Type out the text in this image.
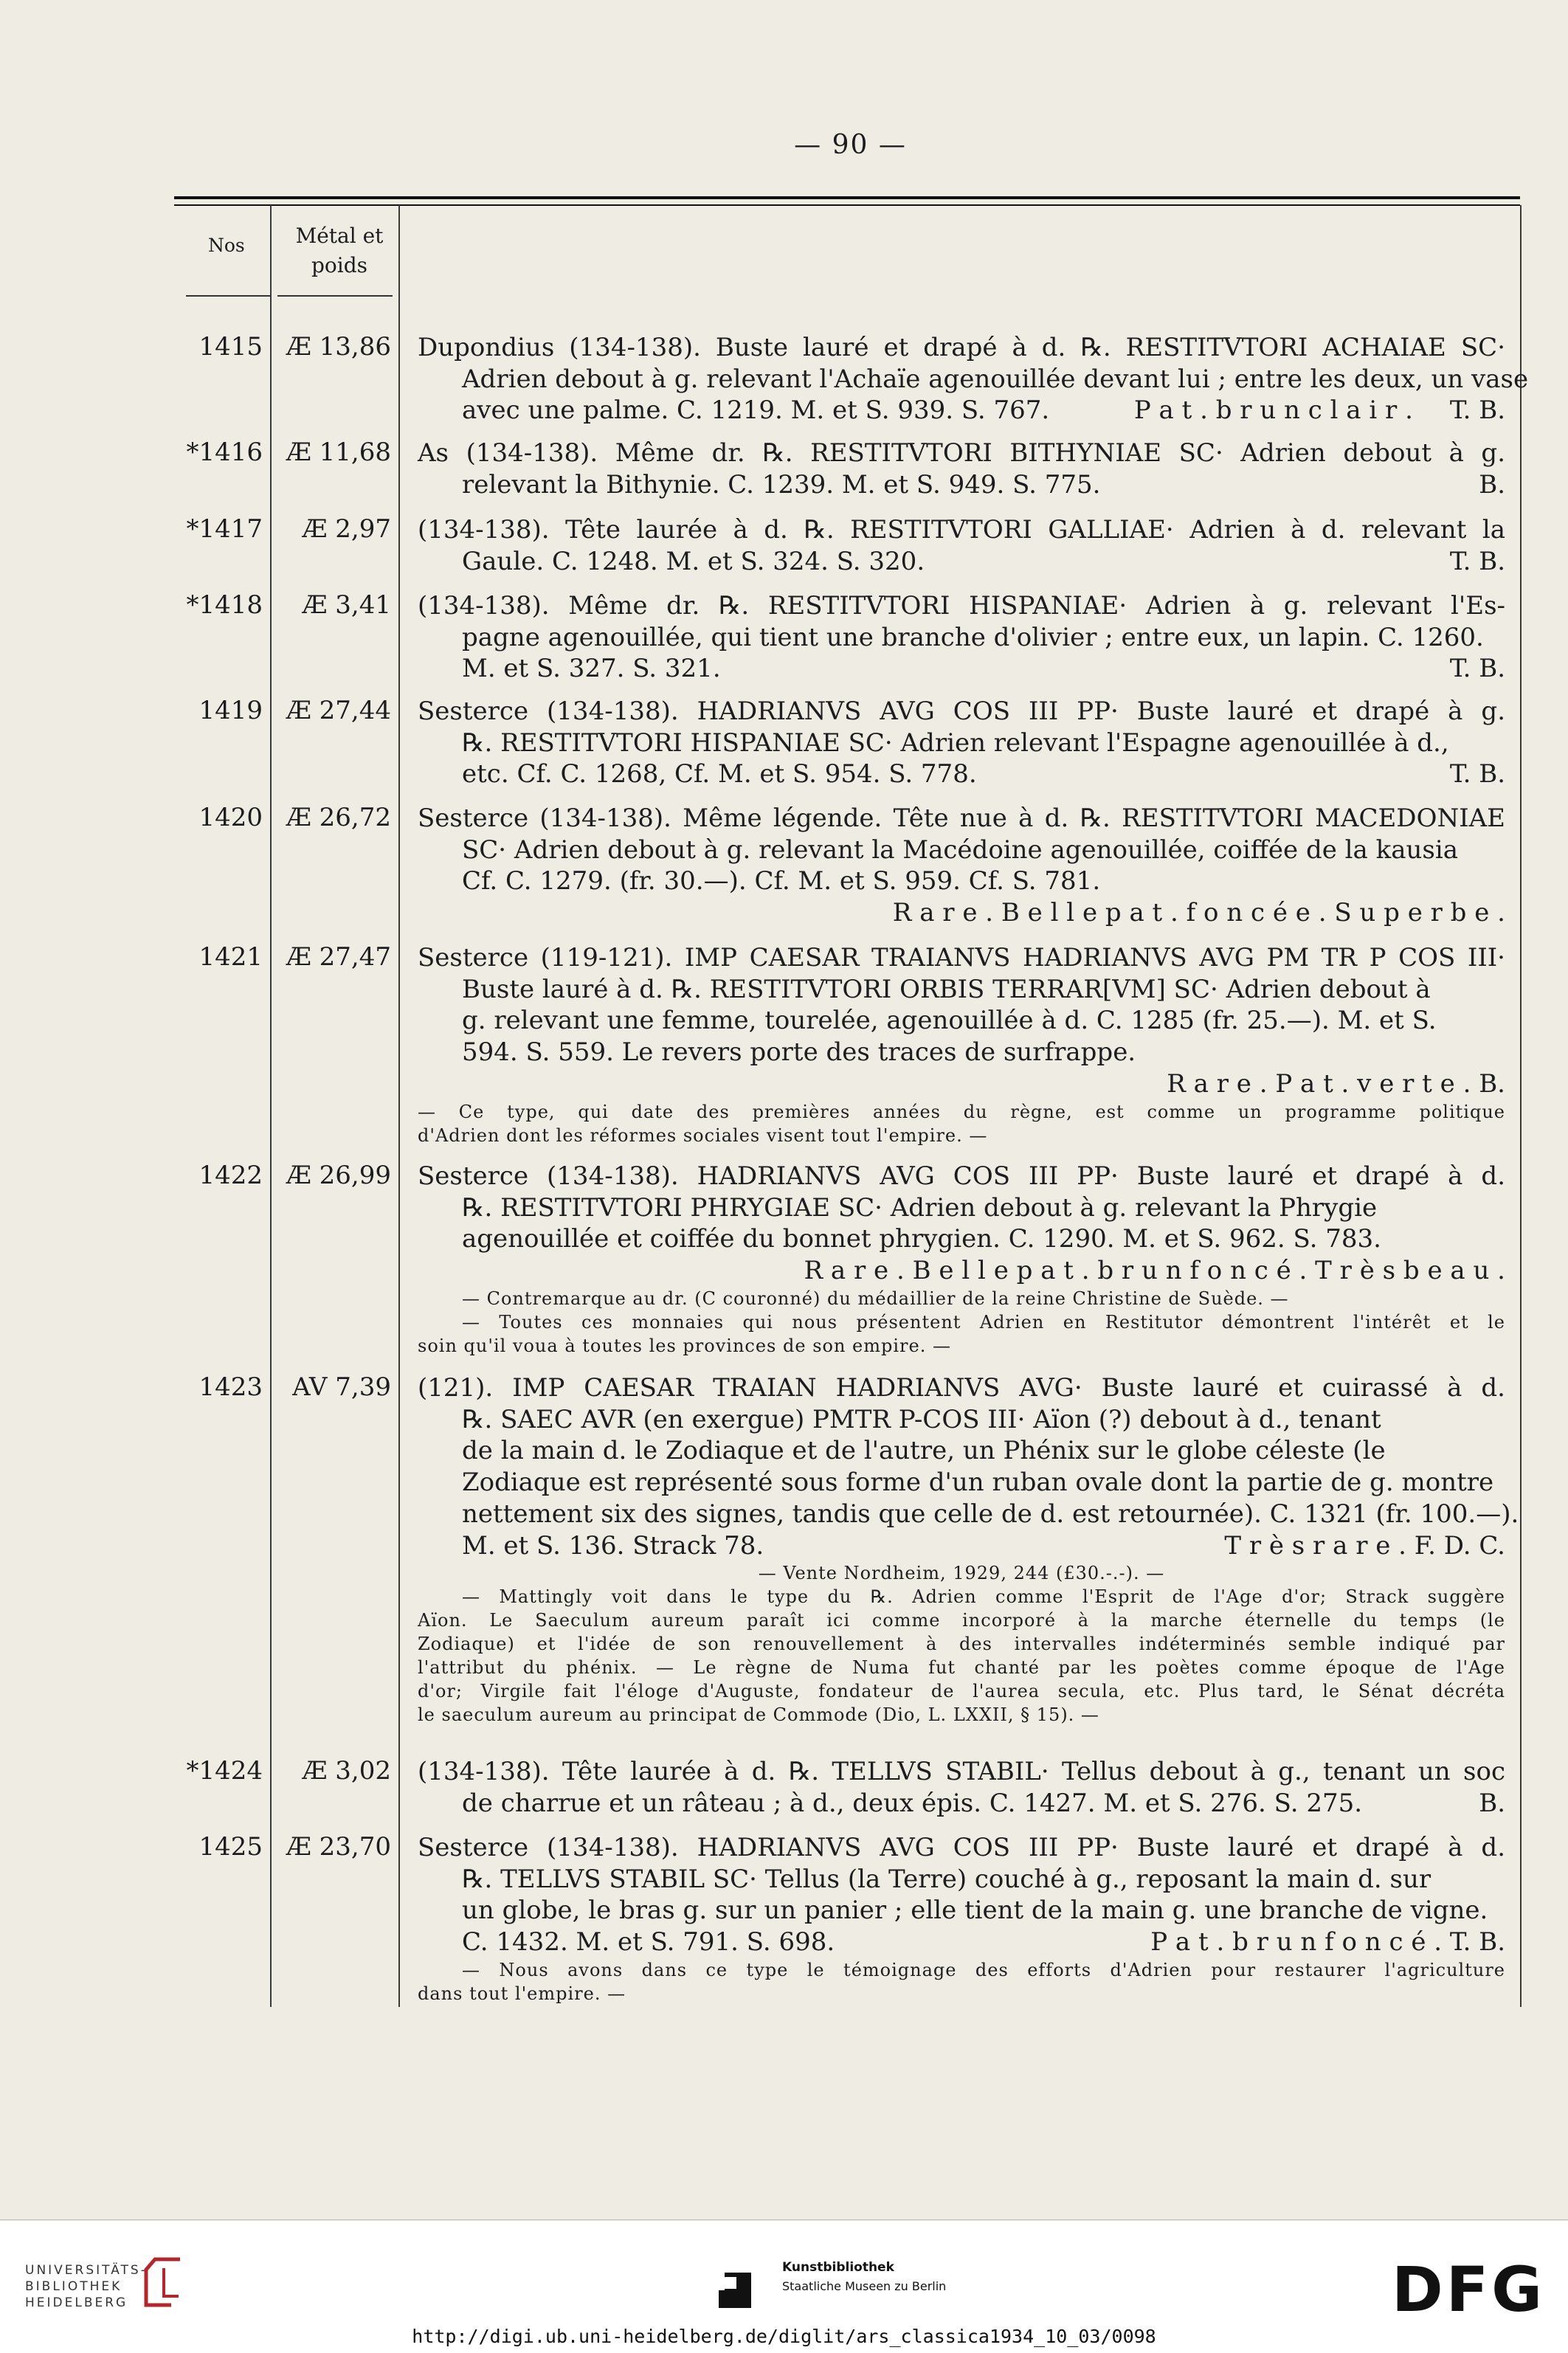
— 90 —
Nos	Métal et
poids
1415 Æ 13,86 Dupondius (134-138). Buste lauré et drapé à d. ℞. RESTITVTORI ACHAIAE SC·
Adrien debout à g. relevant l'Achaïe agenouillée devant lui ; entre les deux, un vase
avec une palme. C. 1219. M. et S. 939. S. 767.	T. B.
P a t . b r u n c l a i r .
*1416 Æ 11,68 As (134-138). Même dr. ℞. RESTITVTORI BITHYNIAE SC· Adrien debout à g.
relevant la Bithynie. C. 1239. M. et S. 949. S. 775.	B.
*1417	Æ 2,97 (134-138). Tête laurée à d. ℞. RESTITVTORI GALLIAE· Adrien à d. relevant la
Gaule. C. 1248. M. et S. 324. S. 320.	T. B.
*1418	Æ 3,41 (134-138). Même dr. ℞. RESTITVTORI HISPANIAE· Adrien à g. relevant l'Es-
pagne agenouillée, qui tient une branche d'olivier ; entre eux, un lapin. C. 1260.
M. et S. 327. S. 321.	T. B.
1419 Æ 27,44 Sesterce (134-138). HADRIANVS AVG COS III PP· Buste lauré et drapé à g.
℞. RESTITVTORI HISPANIAE SC· Adrien relevant l'Espagne agenouillée à d.,
etc. Cf. C. 1268, Cf. M. et S. 954. S. 778.	T. B.
1420 Æ 26,72 Sesterce (134-138). Même légende. Tête nue à d. ℞. RESTITVTORI MACEDONIAE
SC· Adrien debout à g. relevant la Macédoine agenouillée, coiffée de la kausia
Cf. C. 1279. (fr. 30.—). Cf. M. et S. 959. Cf. S. 781.
R a r e . B e l l e p a t . f o n c é e . S u p e r b e .
1421 Æ 27,47 Sesterce (119-121). IMP CAESAR TRAIANVS HADRIANVS AVG PM TR P COS III·
Buste lauré à d. ℞. RESTITVTORI ORBIS TERRAR[VM] SC· Adrien debout à
g. relevant une femme, tourelée, agenouillée à d. C. 1285 (fr. 25.—). M. et S.
594. S. 559. Le revers porte des traces de surfrappe.
R a r e . P a t . v e r t e . B.
— Ce type, qui date des premières années du règne, est comme un programme politique
d'Adrien dont les réformes sociales visent tout l'empire. —
1422 Æ 26,99 Sesterce (134-138). HADRIANVS AVG COS III PP· Buste lauré et drapé à d.
℞. RESTITVTORI PHRYGIAE SC· Adrien debout à g. relevant la Phrygie
agenouillée et coiffée du bonnet phrygien. C. 1290. M. et S. 962. S. 783.
R a r e . B e l l e p a t . b r u n f o n c é . T r è s b e a u .
— Contremarque au dr. (C couronné) du médaillier de la reine Christine de Suède. —
— Toutes ces monnaies qui nous présentent Adrien en Restitutor démontrent l'intérêt et le
soin qu'il voua à toutes les provinces de son empire. —
1423	AV 7,39 (121). IMP CAESAR TRAIAN HADRIANVS AVG· Buste lauré et cuirassé à d.
℞. SAEC AVR (en exergue) PMTR P-COS III· Aïon (?) debout à d., tenant
de la main d. le Zodiaque et de l'autre, un Phénix sur le globe céleste (le
Zodiaque est représenté sous forme d'un ruban ovale dont la partie de g. montre
nettement six des signes, tandis que celle de d. est retournée). C. 1321 (fr. 100.—).
M. et S. 136. Strack 78.	T r è s r a r e . F. D. C.
— Vente Nordheim, 1929, 244 (£30.-.-). —
— Mattingly voit dans le type du ℞. Adrien comme l'Esprit de l'Age d'or; Strack suggère
Aïon. Le Saeculum aureum paraît ici comme incorporé à la marche éternelle du temps (le
Zodiaque) et l'idée de son renouvellement à des intervalles indéterminés semble indiqué par
l'attribut du phénix. — Le règne de Numa fut chanté par les poètes comme époque de l'Age
d'or; Virgile fait l'éloge d'Auguste, fondateur de l'aurea secula, etc. Plus tard, le Sénat décréta
le saeculum aureum au principat de Commode (Dio, L. LXXII, § 15). —
*1424	Æ 3,02 (134-138). Tête laurée à d. ℞. TELLVS STABIL· Tellus debout à g., tenant un soc
de charrue et un râteau ; à d., deux épis. C. 1427. M. et S. 276. S. 275.	B.
1425 Æ 23,70 Sesterce (134-138). HADRIANVS AVG COS III PP· Buste lauré et drapé à d.
℞. TELLVS STABIL SC· Tellus (la Terre) couché à g., reposant la main d. sur
un globe, le bras g. sur un panier ; elle tient de la main g. une branche de vigne.
C. 1432. M. et S. 791. S. 698.	P a t . b r u n f o n c é . T. B.
— Nous avons dans ce type le témoignage des efforts d'Adrien pour restaurer l'agriculture
dans tout l'empire. —
UNIVERSITÄTS-
BIBLIOTHEK
HEIDELBERG
Kunstbibliothek
Staatliche Museen zu Berlin	DFG
http://digi.ub.uni-heidelberg.de/diglit/ars_classica1934_10_03/0098
